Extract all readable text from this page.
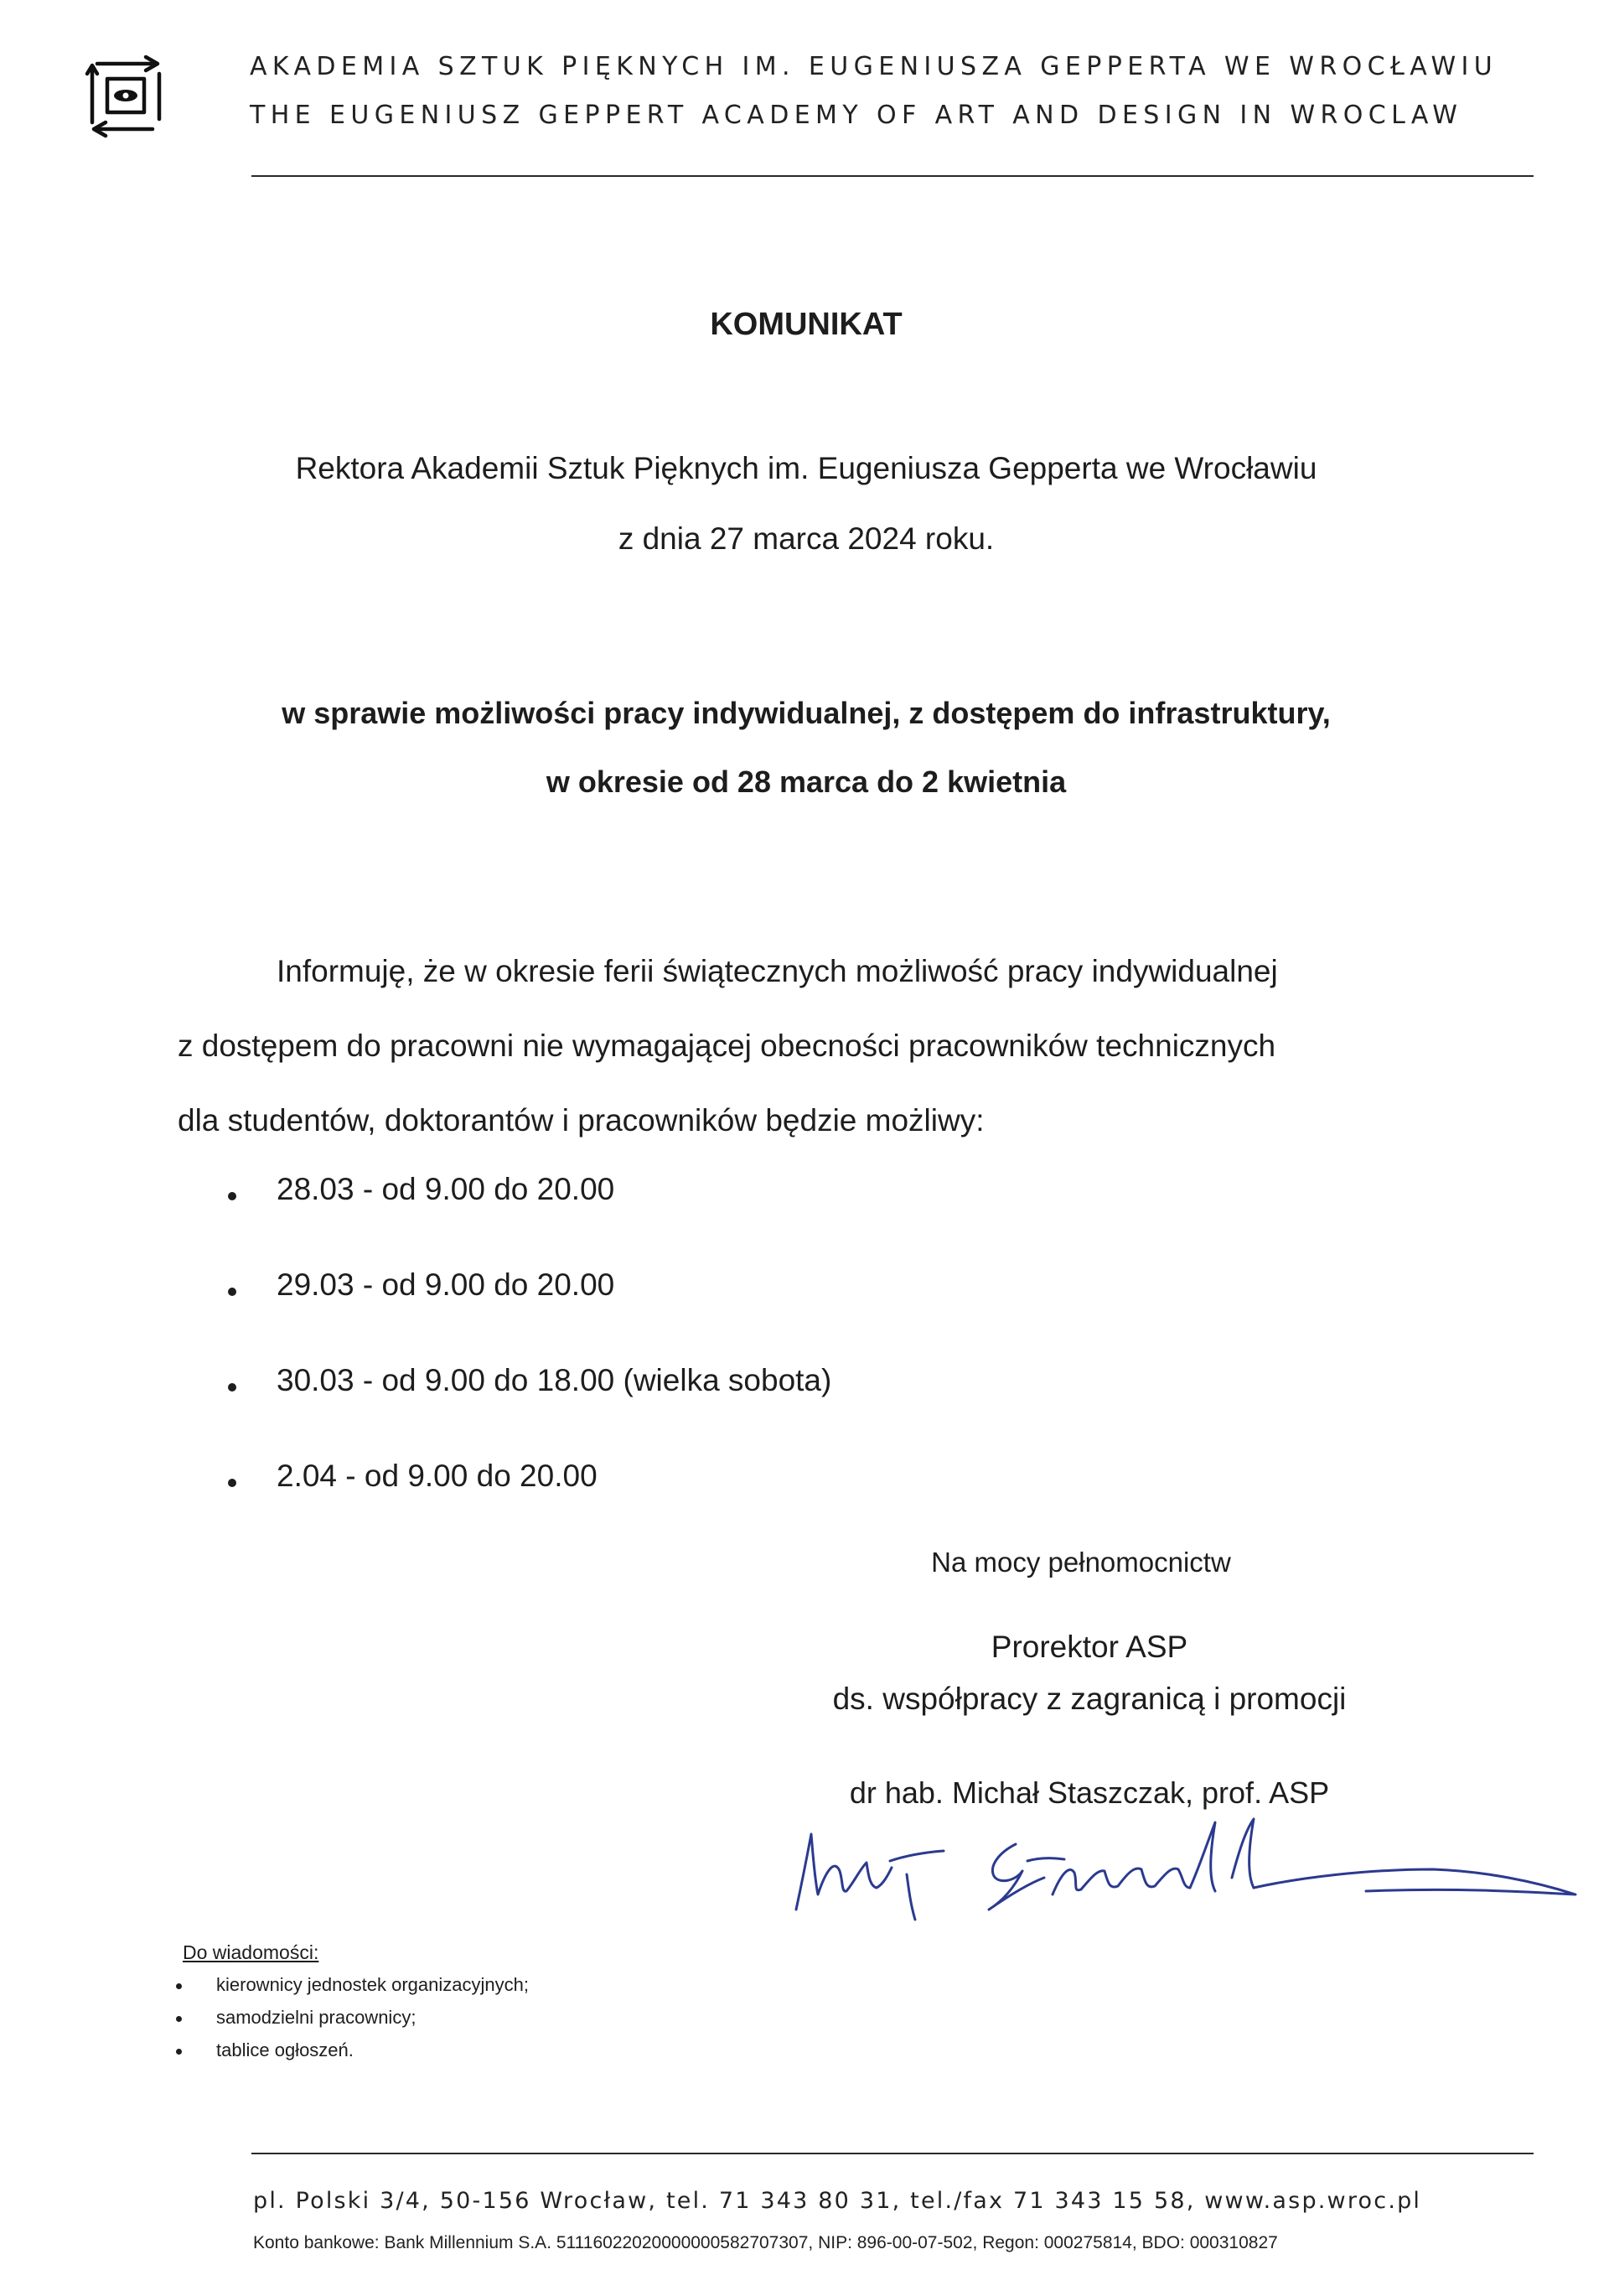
AKADEMIA SZTUK PIĘKNYCH IM. EUGENIUSZA GEPPERTA WE WROCŁAWIU
THE EUGENIUSZ GEPPERT ACADEMY OF ART AND DESIGN IN WROCLAW
KOMUNIKAT
Rektora Akademii Sztuk Pięknych im. Eugeniusza Gepperta we Wrocławiu
z dnia 27 marca 2024 roku.
w sprawie możliwości pracy indywidualnej, z dostępem do infrastruktury,
w okresie od 28 marca do 2 kwietnia
Informuję, że w okresie ferii świątecznych możliwość pracy indywidualnej
z dostępem do pracowni nie wymagającej obecności pracowników technicznych
dla studentów, doktorantów i pracowników będzie możliwy:
28.03 - od 9.00 do 20.00
29.03 - od 9.00 do 20.00
30.03 - od 9.00 do 18.00 (wielka sobota)
2.04 - od 9.00 do 20.00
Na mocy pełnomocnictw
Prorektor ASP
ds. współpracy z zagranicą i promocji
dr hab. Michał Staszczak, prof. ASP
Do wiadomości:
kierownicy jednostek organizacyjnych;
samodzielni pracownicy;
tablice ogłoszeń.
pl. Polski 3/4, 50-156 Wrocław, tel. 71 343 80 31, tel./fax 71 343 15 58, www.asp.wroc.pl
Konto bankowe: Bank Millennium S.A. 51116022020000000582707307, NIP: 896-00-07-502, Regon: 000275814, BDO: 000310827
